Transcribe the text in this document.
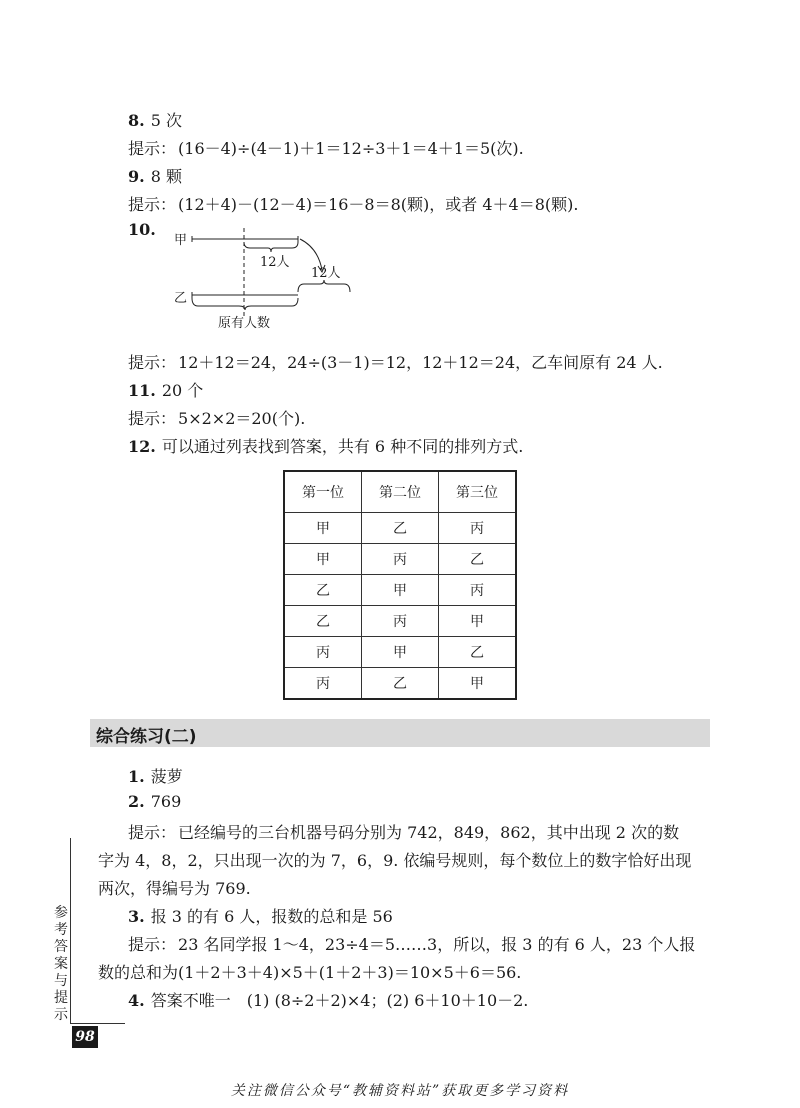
8. 5 次
提示： (16－4)÷(4－1)＋1＝12÷3＋1＝4＋1＝5(次).
9. 8 颗
提示： (12＋4)－(12－4)＝16－8＝8(颗)，或者 4＋4＝8(颗).
10.
甲
12人
12人
乙
原有人数
提示： 12＋12＝24，24÷(3－1)＝12，12＋12＝24，乙车间原有 24 人.
11. 20 个
提示： 5×2×2＝20(个).
12. 可以通过列表找到答案，共有 6 种不同的排列方式.
第一位	第二位	第三位
甲	乙	丙
甲	丙	乙
乙	甲	丙
乙	丙	甲
丙	甲	乙
丙	乙	甲
综合练习(二)
1. 菠萝
2. 769
提示： 已经编号的三台机器号码分别为 742，849，862，其中出现 2 次的数
字为 4，8，2，只出现一次的为 7，6，9. 依编号规则，每个数位上的数字恰好出现
两次，得编号为 769.
3. 报 3 的有 6 人，报数的总和是 56
提示： 23 名同学报 1～4，23÷4＝5……3，所以，报 3 的有 6 人，23 个人报
数的总和为(1＋2＋3＋4)×5＋(1＋2＋3)＝10×5＋6＝56.
4. 答案不唯一　(1) (8÷2＋2)×4；(2) 6＋10＋10－2.
参考答案与提示
98
关注微信公众号“教辅资料站”获取更多学习资料
